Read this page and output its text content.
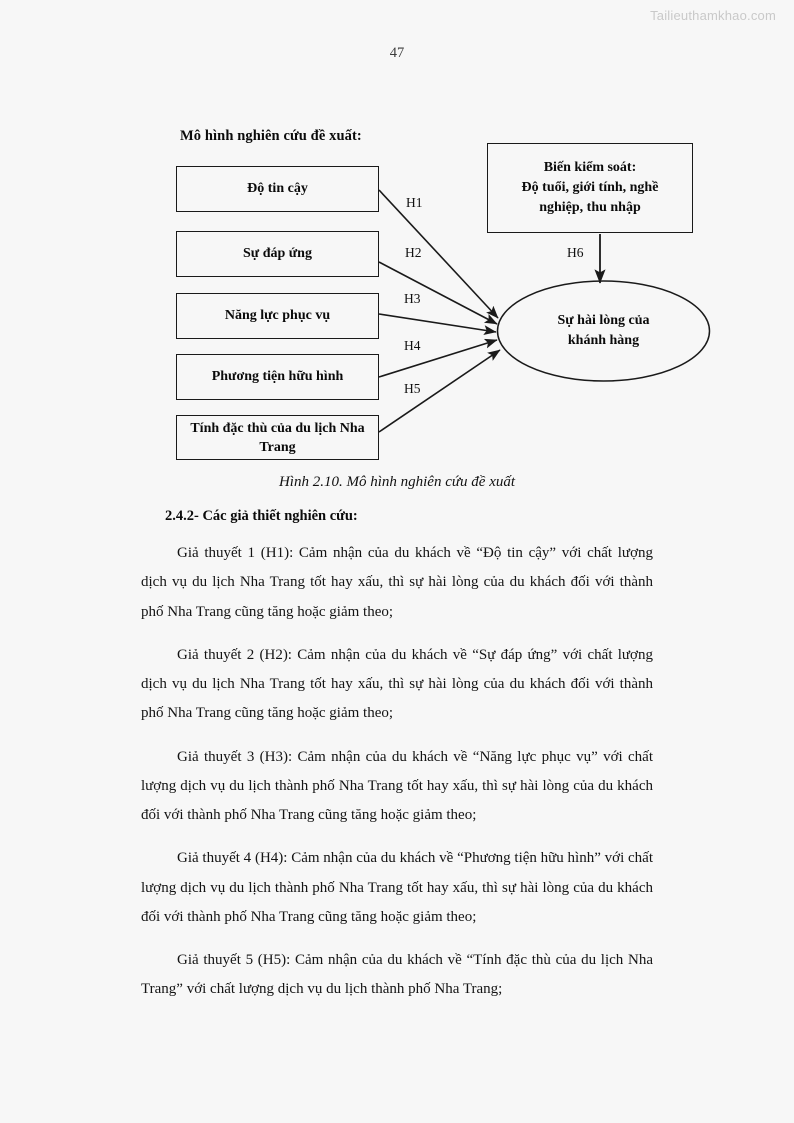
Tailieuthamkhao.com
47
Mô hình nghiên cứu đề xuất:
Độ tin cậy
Sự đáp ứng
Năng lực phục vụ
Phương tiện hữu hình
Tính đặc thù của du lịch Nha Trang
Biến kiểm soát:
Độ tuổi, giới tính, nghề
nghiệp, thu nhập
Sự hài lòng của
khánh hàng
H1
H2
H3
H4
H5
H6
Hình 2.10. Mô hình nghiên cứu đề xuất
2.4.2- Các giả thiết nghiên cứu:

Giả thuyết 1 (H1): Cảm nhận của du khách về “Độ tin cậy” với chất lượng dịch vụ du lịch Nha Trang tốt hay xấu, thì sự hài lòng của du khách đối với thành phố Nha Trang cũng tăng hoặc giảm theo;

Giả thuyết 2 (H2): Cảm nhận của du khách về “Sự đáp ứng” với chất lượng dịch vụ du lịch Nha Trang tốt hay xấu, thì sự hài lòng của du khách đối với thành phố Nha Trang cũng tăng hoặc giảm theo;

Giả thuyết 3 (H3): Cảm nhận của du khách về “Năng lực phục vụ” với chất lượng dịch vụ du lịch thành phố Nha Trang tốt hay xấu, thì sự hài lòng của du khách đối với thành phố Nha Trang cũng tăng hoặc giảm theo;

Giả thuyết 4 (H4): Cảm nhận của du khách về “Phương tiện hữu hình” với chất lượng dịch vụ du lịch thành phố Nha Trang tốt hay xấu, thì sự hài lòng của du khách đối với thành phố Nha Trang cũng tăng hoặc giảm theo;

Giả thuyết 5 (H5): Cảm nhận của du khách về “Tính đặc thù của du lịch Nha Trang” với chất lượng dịch vụ du lịch thành phố Nha Trang;
